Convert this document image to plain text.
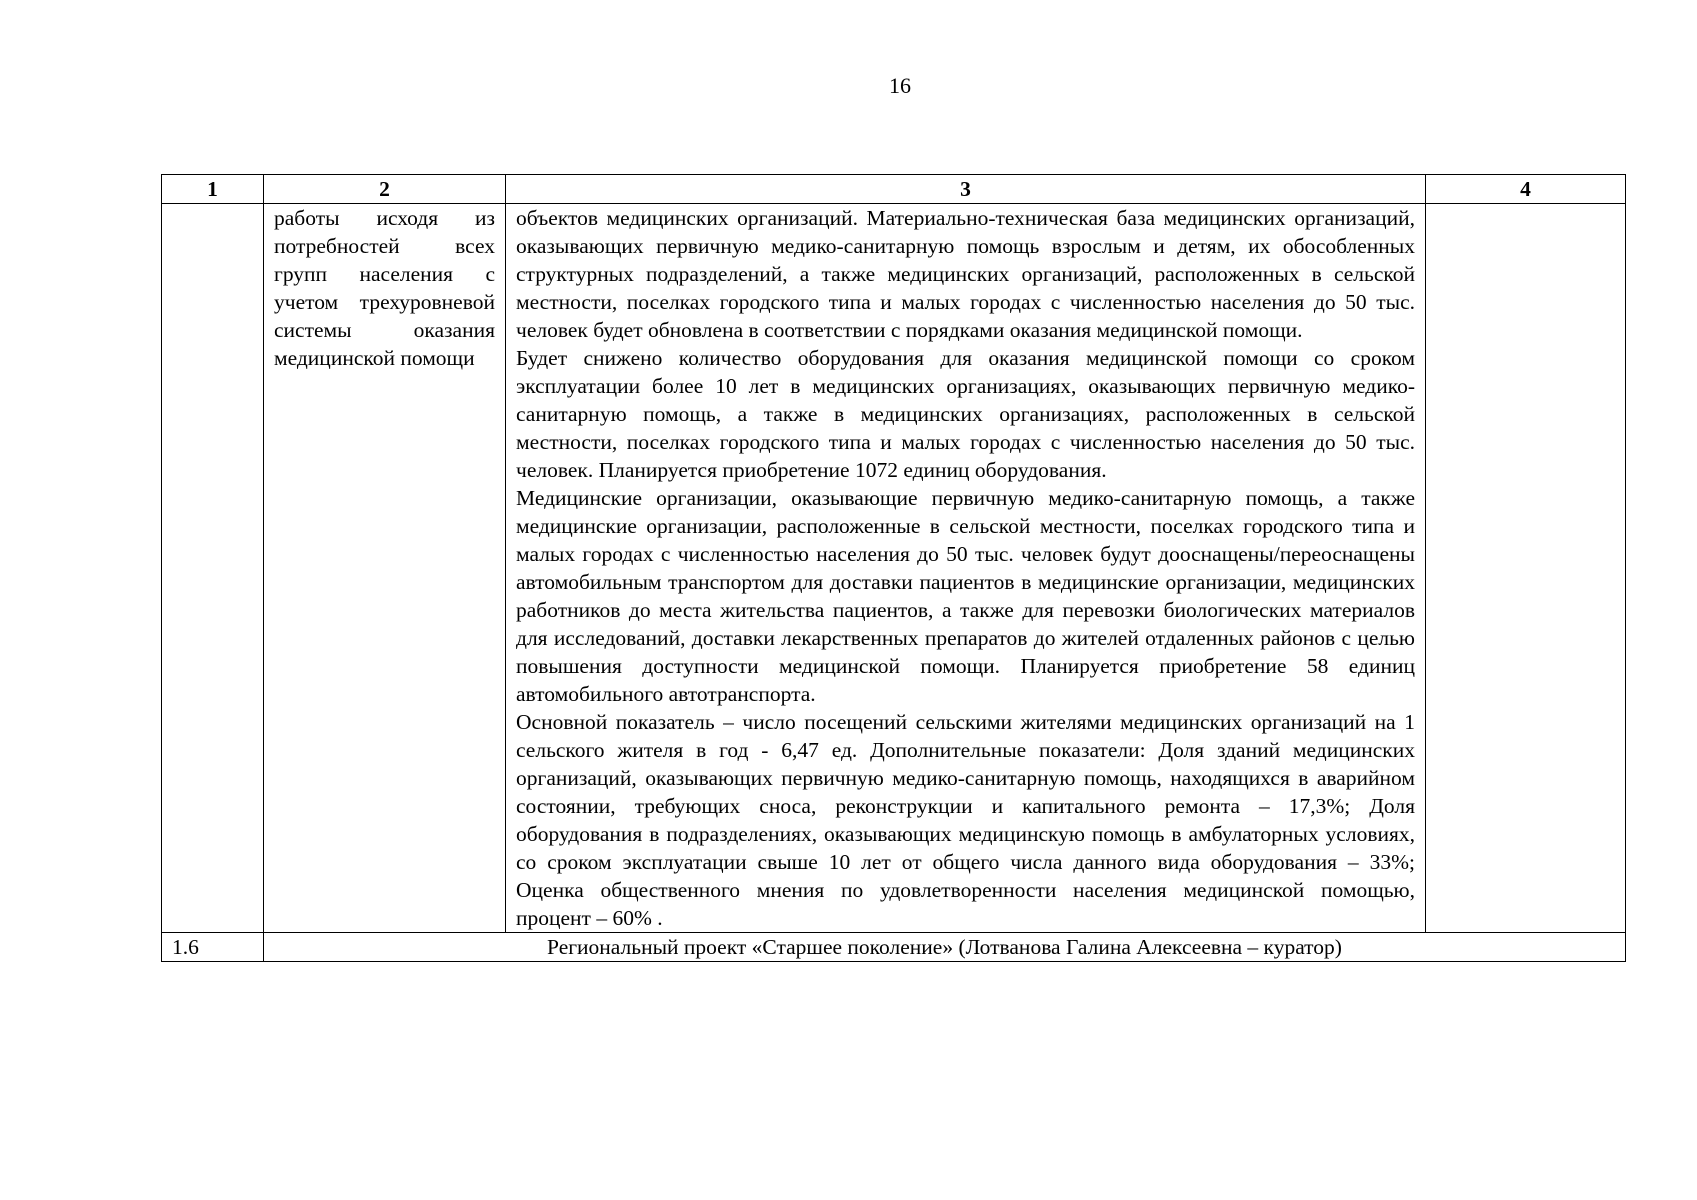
16
1	2	3	4

	работы исходя из потребностей всех групп населения с учетом трехуровневой системы оказания медицинской помощи	объектов медицинских организаций. Материально-техническая база медицинских организаций, оказывающих первичную медико-санитарную помощь взрослым и детям, их обособленных структурных подразделений, а также медицинских организаций, расположенных в сельской местности, поселках городского типа и малых городах с численностью населения до 50 тыс. человек будет обновлена в соответствии с порядками оказания медицинской помощи.

Будет снижено количество оборудования для оказания медицинской помощи со сроком эксплуатации более 10 лет в медицинских организациях, оказывающих первичную медико-санитарную помощь, а также в медицинских организациях, расположенных в сельской местности, поселках городского типа и малых городах с численностью населения до 50 тыс. человек. Планируется приобретение 1072 единиц оборудования.

Медицинские организации, оказывающие первичную медико-санитарную помощь, а также медицинские организации, расположенные в сельской местности, поселках городского типа и малых городах с численностью населения до 50 тыс. человек будут дооснащены/переоснащены автомобильным транспортом для доставки пациентов в медицинские организации, медицинских работников до места жительства пациентов, а также для перевозки биологических материалов для исследований, доставки лекарственных препаратов до жителей отдаленных районов с целью повышения доступности медицинской помощи. Планируется приобретение 58 единиц автомобильного автотранспорта.

Основной показатель – число посещений сельскими жителями медицинских организаций на 1 сельского жителя в год - 6,47 ед. Дополнительные показатели: Доля зданий медицинских организаций, оказывающих первичную медико-санитарную помощь, находящихся в аварийном состоянии, требующих сноса, реконструкции и капитального ремонта – 17,3%; Доля оборудования в подразделениях, оказывающих медицинскую помощь в амбулаторных условиях, со сроком эксплуатации свыше 10 лет от общего числа данного вида оборудования – 33%; Оценка общественного мнения по удовлетворенности населения медицинской помощью, процент – 60% .	

1.6	Региональный проект «Старшее поколение» (Лотванова Галина Алексеевна – куратор)		
